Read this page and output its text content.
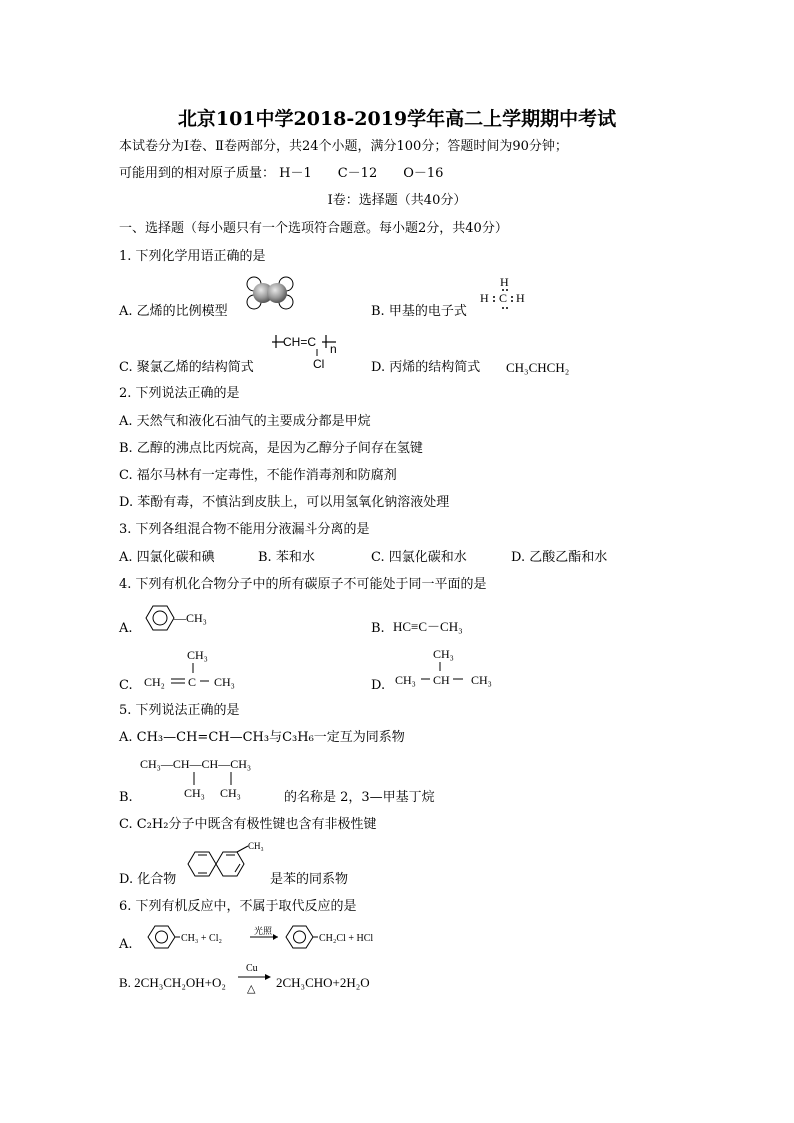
北京101中学2018-2019学年高二上学期期中考试
本试卷分为Ⅰ卷、Ⅱ卷两部分，共24个小题，满分100分；答题时间为90分钟；
可能用到的相对原子质量： H－1　　C－12　　O－16
Ⅰ卷：选择题（共40分）
一、选择题（每小题只有一个选项符合题意。每小题2分，共40分）
1. 下列化学用语正确的是
A. 乙烯的比例模型	B. 甲基的电子式
H
H C H
C. 聚氯乙烯的结构简式
CH=C n
Cl	D. 丙烯的结构简式 CH₃CHCH₂
2. 下列说法正确的是
A. 天然气和液化石油气的主要成分都是甲烷
B. 乙醇的沸点比丙烷高，是因为乙醇分子间存在氢键
C. 福尔马林有一定毒性，不能作消毒剂和防腐剂
D. 苯酚有毒，不慎沾到皮肤上，可以用氢氧化钠溶液处理
3. 下列各组混合物不能用分液漏斗分离的是
A. 四氯化碳和碘	B. 苯和水	C. 四氯化碳和水	D. 乙酸乙酯和水
4. 下列有机化合物分子中的所有碳原子不可能处于同一平面的是
A.
—CH₃
B. HC≡C－CH₃
C.
CH₃
CH₂ C CH₃	D.
CH₃
CH₃ CH CH₃
5. 下列说法正确的是
A. CH₃—CH=CH—CH₃与C₃H₆一定互为同系物
B.
CH₃—CH—CH—CH₃
CH₃ CH₃	的名称是 2，3—甲基丁烷
C. C₂H₂分子中既含有极性键也含有非极性键
D. 化合物
CH₃
是苯的同系物
6. 下列有机反应中，不属于取代反应的是
A.	CH₃ + Cl₂
光照
CH₂Cl + HCl
B. 2CH₃CH₂OH+O₂
Cu
△ 2CH₃CHO+2H₂O
